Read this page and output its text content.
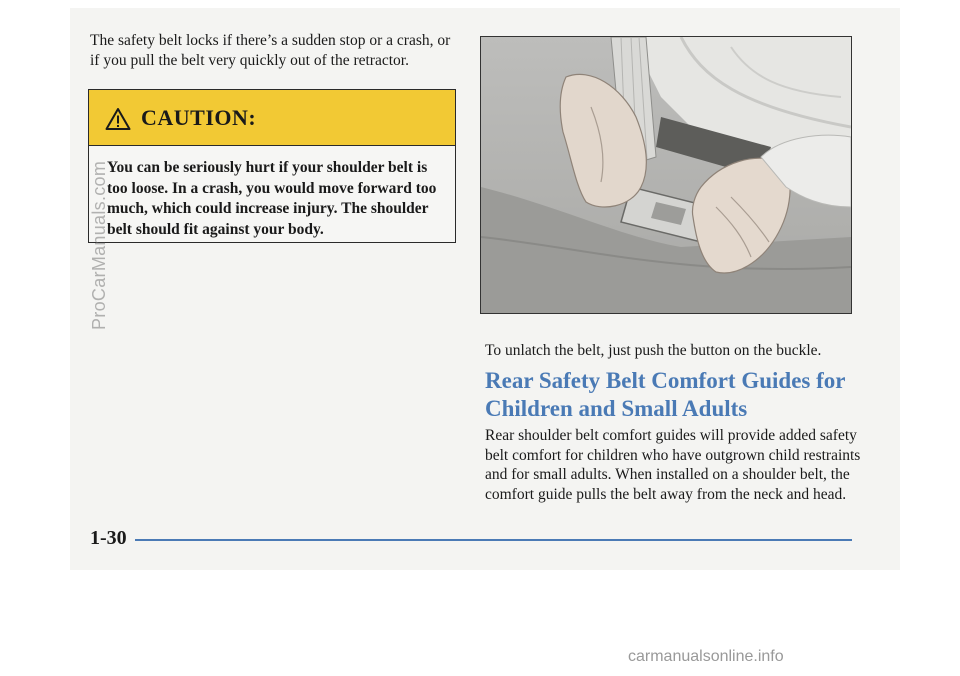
The safety belt locks if there’s a sudden stop or a crash, or if you pull the belt very quickly out of the retractor.

CAUTION:

You can be seriously hurt if your shoulder belt is too loose. In a crash, you would move forward too much, which could increase injury. The shoulder belt should fit against your body.

To unlatch the belt, just push the button on the buckle.

Rear Safety Belt Comfort Guides for Children and Small Adults

Rear shoulder belt comfort guides will provide added safety belt comfort for children who have outgrown child restraints and for small adults. When installed on a shoulder belt, the comfort guide pulls the belt away from the neck and head.

1-30
ProCarManuals.com
carmanualsonline.info
